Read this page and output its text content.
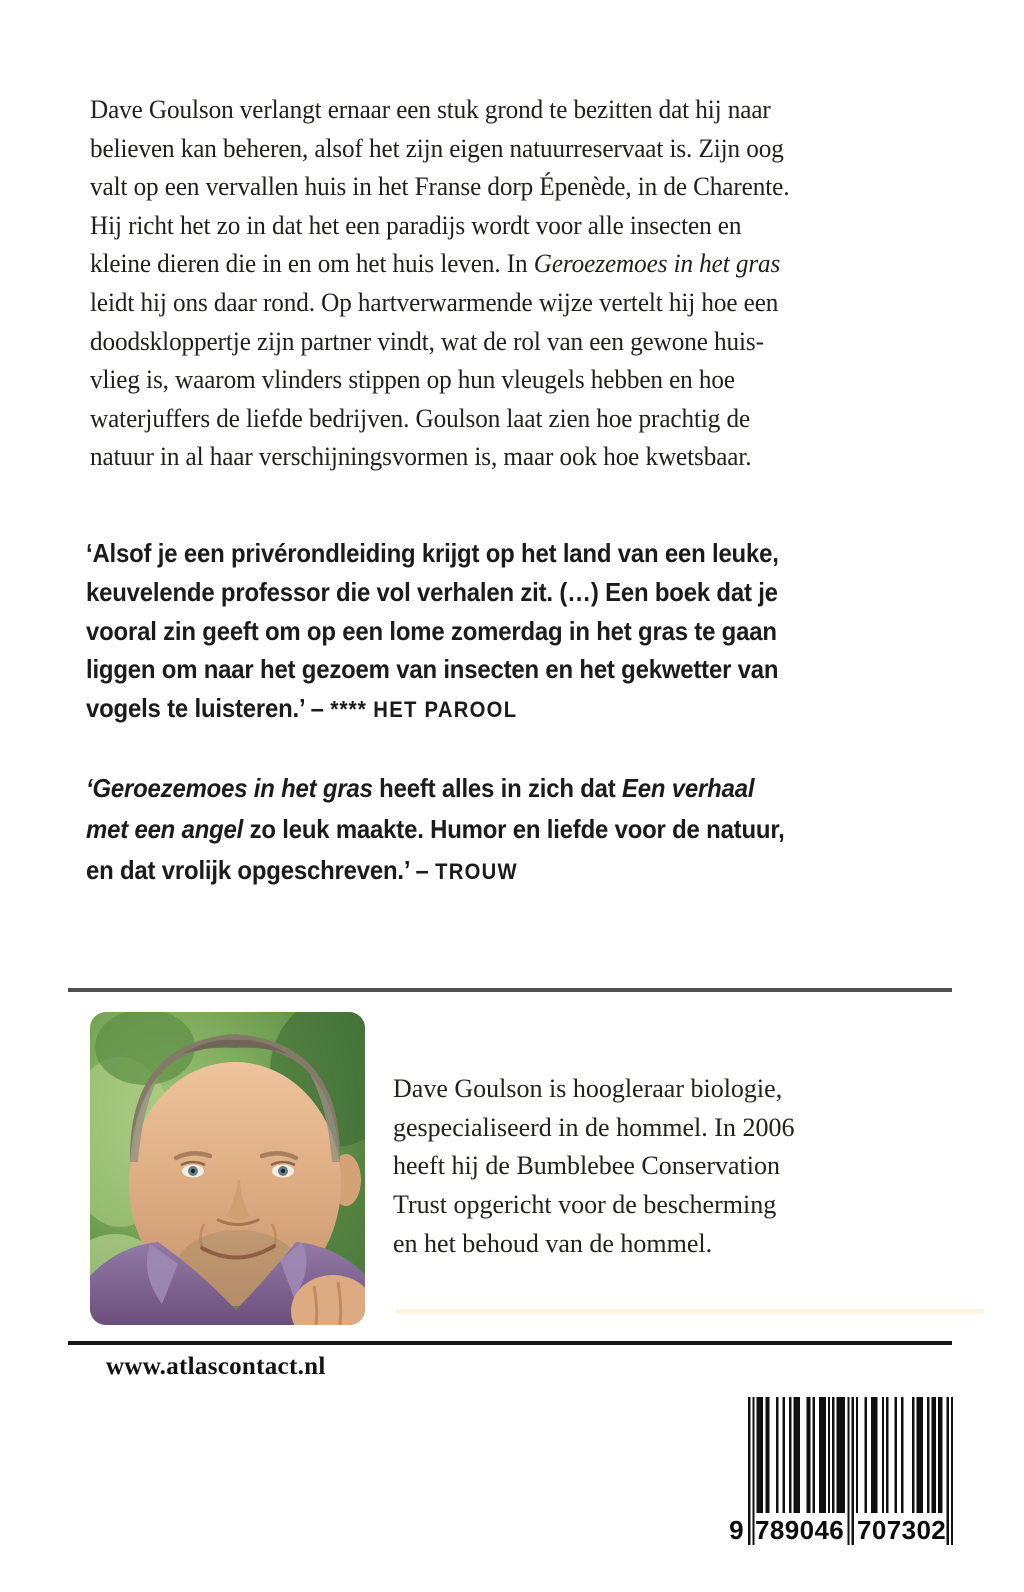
Dave Goulson verlangt ernaar een stuk grond te bezitten dat hij naar
believen kan beheren, alsof het zijn eigen natuurreservaat is. Zijn oog
valt op een vervallen huis in het Franse dorp Épenède, in de Charente.
Hij richt het zo in dat het een paradijs wordt voor alle insecten en
kleine dieren die in en om het huis leven. In Geroezemoes in het gras
leidt hij ons daar rond. Op hartverwarmende wijze vertelt hij hoe een
doodskloppertje zijn partner vindt, wat de rol van een gewone huis-
vlieg is, waarom vlinders stippen op hun vleugels hebben en hoe
waterjuffers de liefde bedrijven. Goulson laat zien hoe prachtig de
natuur in al haar verschijningsvormen is, maar ook hoe kwetsbaar.
‘Alsof je een privérondleiding krijgt op het land van een leuke,
keuvelende professor die vol verhalen zit. (…) Een boek dat je
vooral zin geeft om op een lome zomerdag in het gras te gaan
liggen om naar het gezoem van insecten en het gekwetter van
vogels te luisteren.’ – **** HET PAROOL
‘Geroezemoes in het gras heeft alles in zich dat Een verhaal
met een angel zo leuk maakte. Humor en liefde voor de natuur,
en dat vrolijk opgeschreven.’ – TROUW
Dave Goulson is hoogleraar biologie,
gespecialiseerd in de hommel. In 2006
heeft hij de Bumblebee Conservation
Trust opgericht voor de bescherming
en het behoud van de hommel.
www.atlascontact.nl
9 789046 707302
